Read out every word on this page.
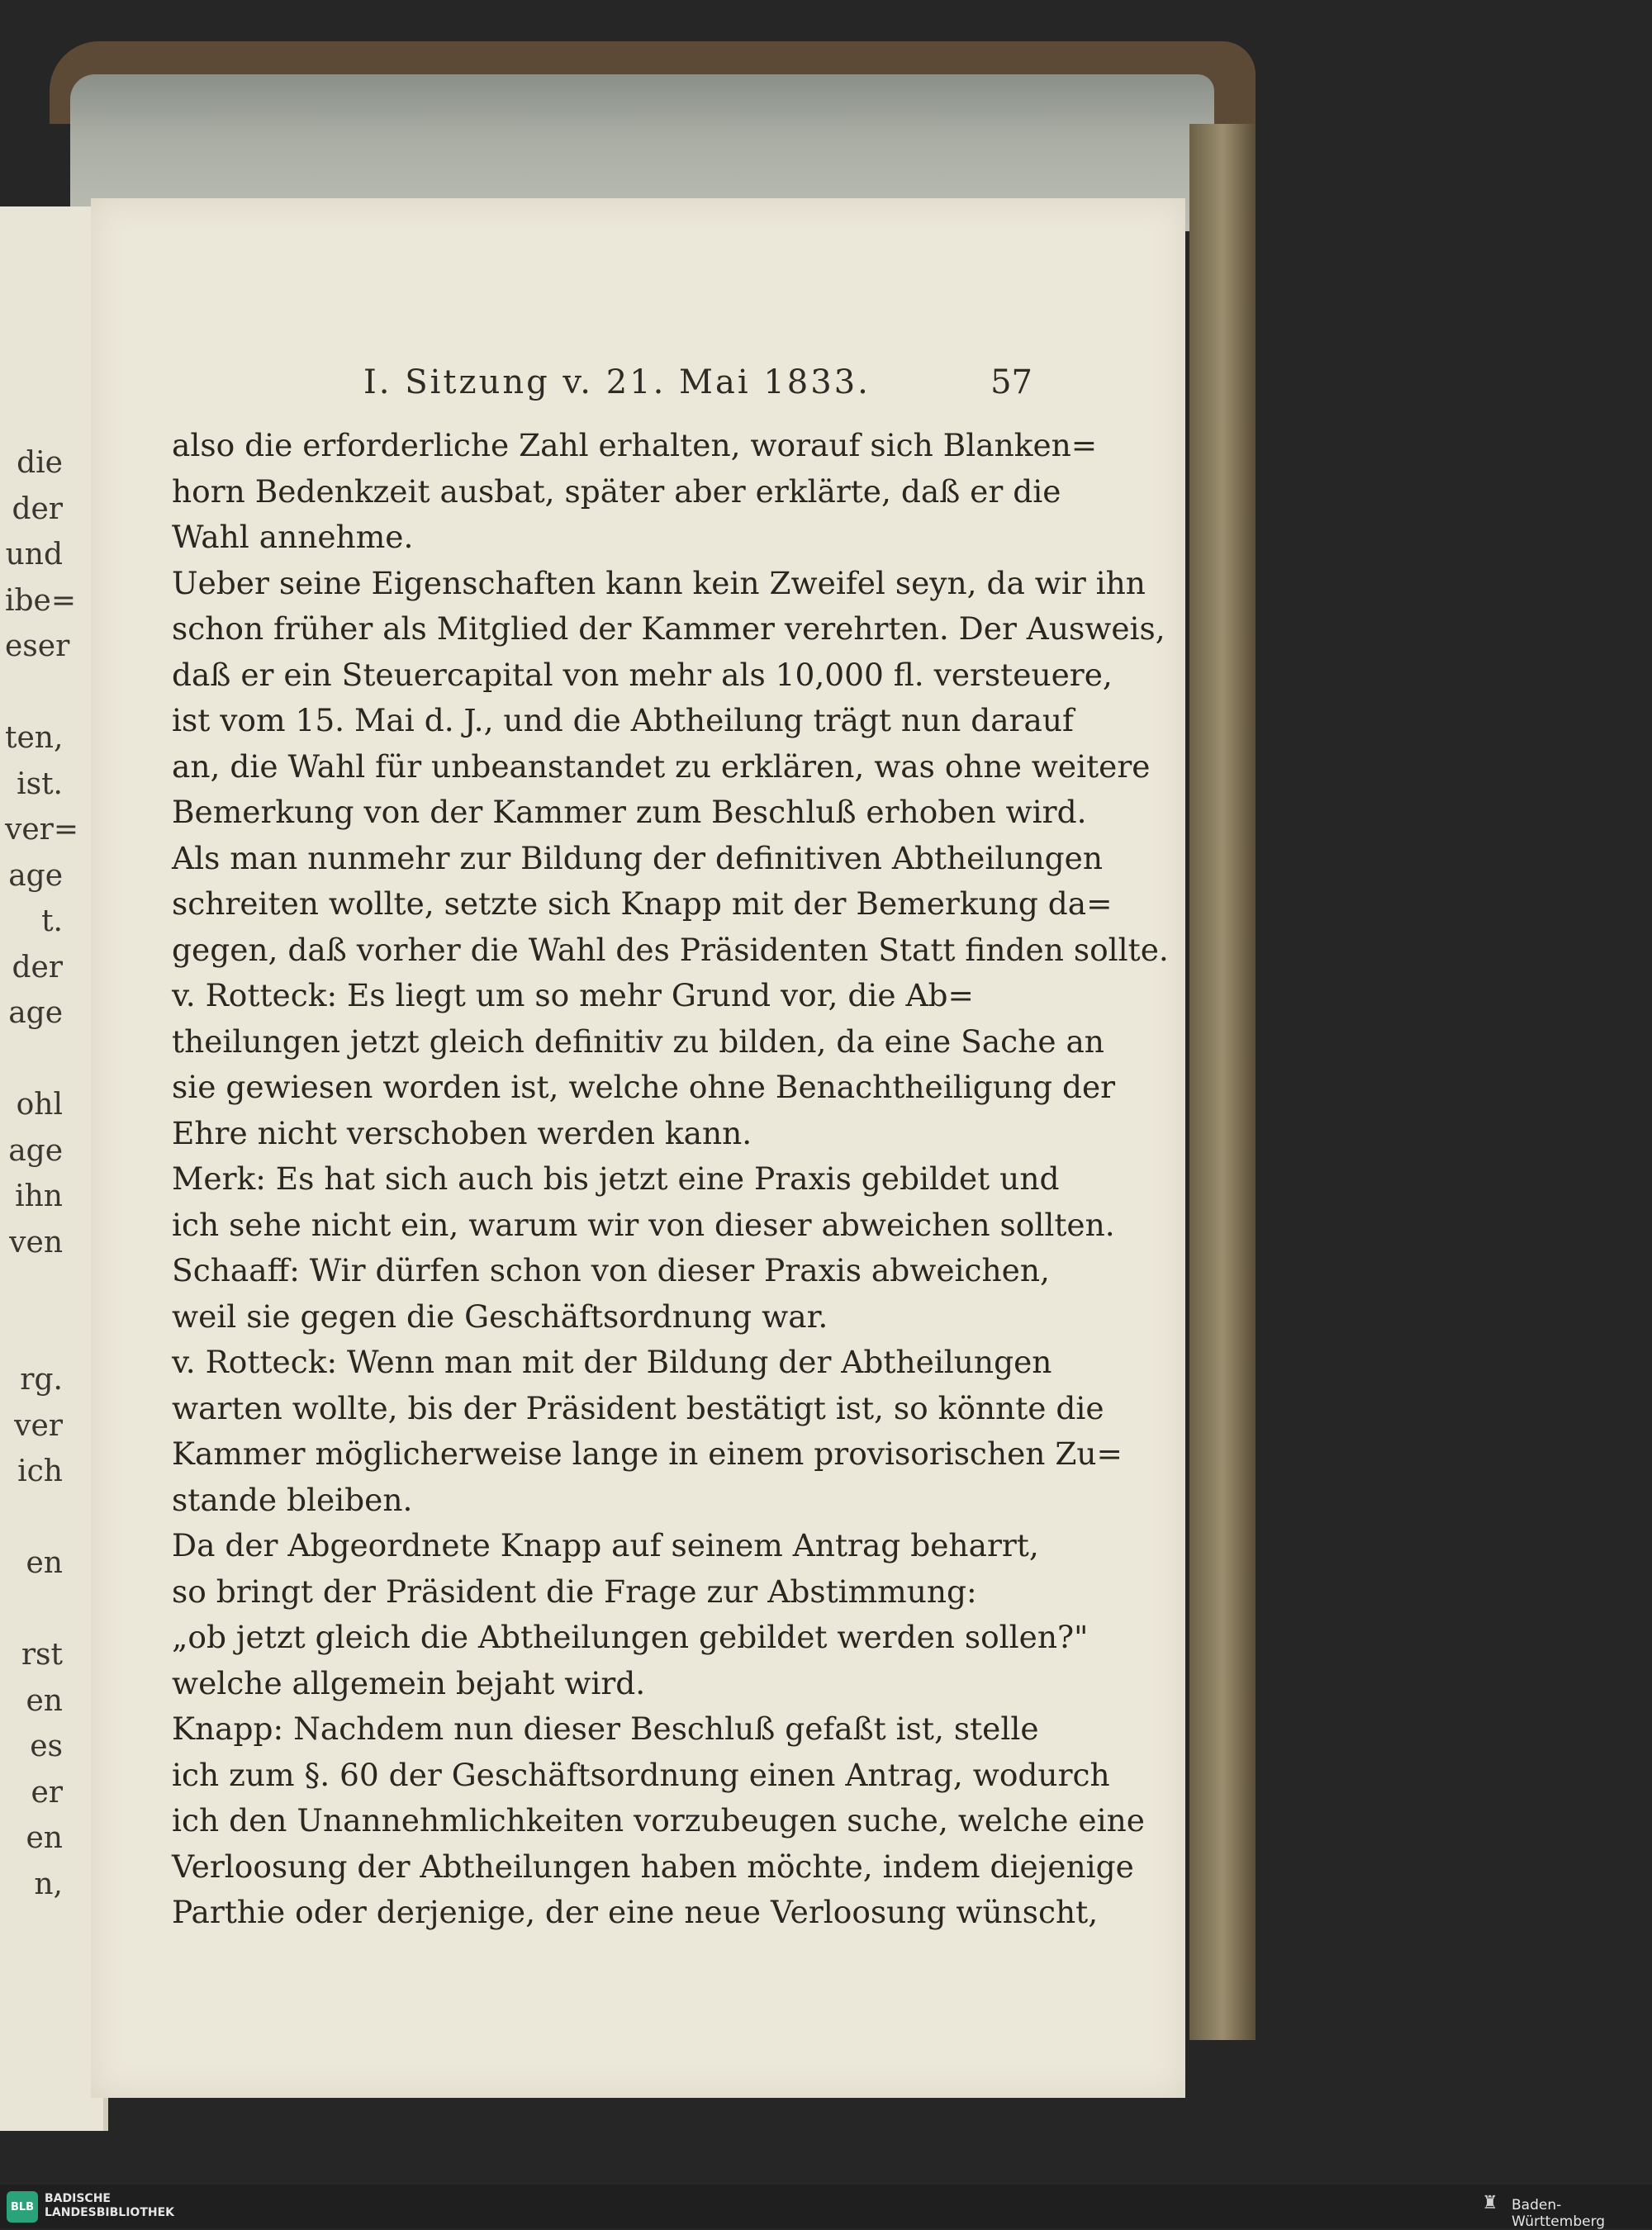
die
der
und
ibe=
eser
ten,
ist.
ver=
age
t.
der
age
ohl
age
ihn
ven
rg.
ver
ich
en
rst
en
es
er
en
n,
I. Sitzung v. 21. Mai 1833.	57
also die erforderliche Zahl erhalten, worauf sich Blanken=
horn Bedenkzeit ausbat, später aber erklärte, daß er die
Wahl annehme.
Ueber seine Eigenschaften kann kein Zweifel seyn, da wir ihn
schon früher als Mitglied der Kammer verehrten. Der Ausweis,
daß er ein Steuercapital von mehr als 10,000 fl. versteuere,
ist vom 15. Mai d. J., und die Abtheilung trägt nun darauf
an, die Wahl für unbeanstandet zu erklären, was ohne weitere
Bemerkung von der Kammer zum Beschluß erhoben wird.
Als man nunmehr zur Bildung der definitiven Abtheilungen
schreiten wollte, setzte sich Knapp mit der Bemerkung da=
gegen, daß vorher die Wahl des Präsidenten Statt finden sollte.
v. Rotteck: Es liegt um so mehr Grund vor, die Ab=
theilungen jetzt gleich definitiv zu bilden, da eine Sache an
sie gewiesen worden ist, welche ohne Benachtheiligung der
Ehre nicht verschoben werden kann.
Merk: Es hat sich auch bis jetzt eine Praxis gebildet und
ich sehe nicht ein, warum wir von dieser abweichen sollten.
Schaaff: Wir dürfen schon von dieser Praxis abweichen,
weil sie gegen die Geschäftsordnung war.
v. Rotteck: Wenn man mit der Bildung der Abtheilungen
warten wollte, bis der Präsident bestätigt ist, so könnte die
Kammer möglicherweise lange in einem provisorischen Zu=
stande bleiben.
Da der Abgeordnete Knapp auf seinem Antrag beharrt,
so bringt der Präsident die Frage zur Abstimmung:
„ob jetzt gleich die Abtheilungen gebildet werden sollen?"
welche allgemein bejaht wird.
Knapp: Nachdem nun dieser Beschluß gefaßt ist, stelle
ich zum §. 60 der Geschäftsordnung einen Antrag, wodurch
ich den Unannehmlichkeiten vorzubeugen suche, welche eine
Verloosung der Abtheilungen haben möchte, indem diejenige
Parthie oder derjenige, der eine neue Verloosung wünscht,
BLB
BADISCHE
LANDESBIBLIOTHEK	♜ Baden-Württemberg
